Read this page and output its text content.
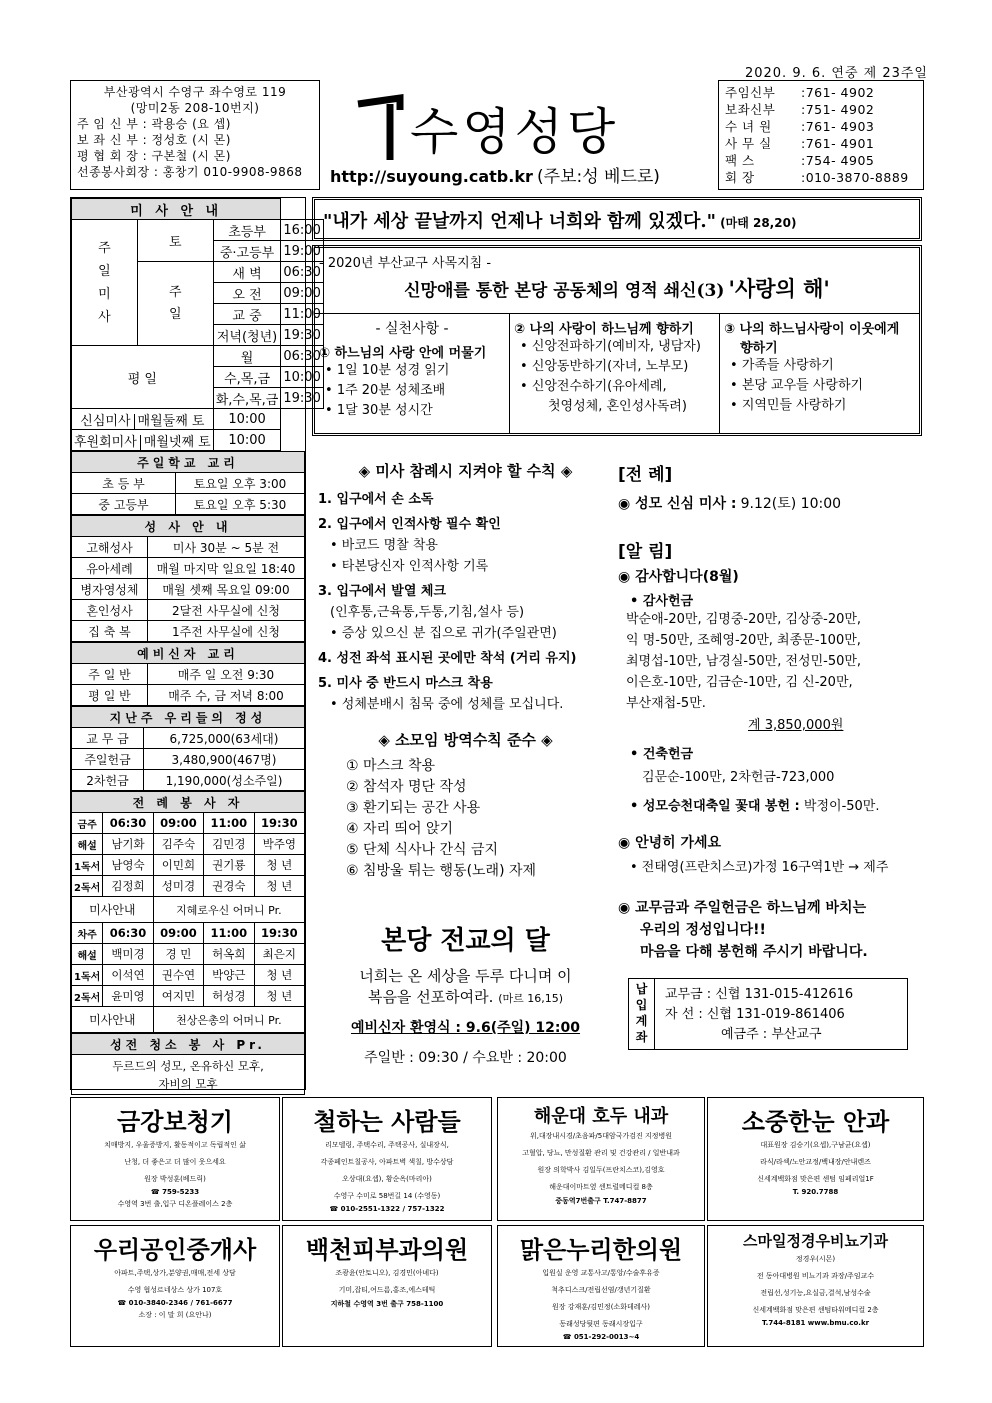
2020. 9. 6. 연중 제 23주일
부산광역시 수영구 좌수영로 119
(망미2동 208-10번지)
주 임 신 부 : 곽용승 (요 셉)
보 좌 신 부 : 정성호 (시 몬)
평 협 회 장 : 구본철 (시 몬)
선종봉사회장 : 홍창기 010-9908-9868
수영성당
http://suyoung.catb.kr (주보:성 베드로)
주임신부	: 761- 4902
보좌신부	: 751- 4902
수 녀 원	: 761- 4903
사 무 실	: 761- 4901
팩 스	: 754- 4905
회 장	: 010-3870-8889
미 사 안 내			
주
일
미
사	토	초등부	16:00
		중·고등부	19:00
	주
일	새 벽	06:30
		오 전	09:00
		교 중	11:00
		저녁(청년)	19:30
평 일		월	06:30
		수,목,금	10:00
		화,수,목,금	19:30
신심미사 매월둘째 토		10:00	
후원회미사 매월넷째 토		10:00	
주일학교 교리	
초 등 부	토요일 오후 3:00
중 고등부	토요일 오후 5:30
성 사 안 내	
고해성사	미사 30분 ~ 5분 전
유아세례	매월 마지막 일요일 18:40
병자영성체	매월 셋째 목요일 09:00
혼인성사	2달전 사무실에 신청
집 축 복	1주전 사무실에 신청
예비신자 교리	
주 일 반	매주 일 오전 9:30
평 일 반	매주 수, 금 저녁 8:00
지난주 우리들의 정성	
교 무 금	6,725,000(63세대)
주일헌금	3,480,900(467명)
2차헌금	1,190,000(성소주일)
전 례 봉 사 자				
금주	06:30	09:00	11:00	19:30
해설	남기화	김주숙	김민경	박주영
1독서	남영숙	이민희	권기룡	청 년
2독서	김정희	성미경	권경숙	청 년
미사안내		지혜로우신 어머니 Pr.		
차주	06:30	09:00	11:00	19:30
해설	백미경	경 민	허옥희	최은지
1독서	이석연	권수연	박양근	청 년
2독서	윤미영	여지민	허성경	청 년
미사안내		천상은총의 어머니 Pr.		
성전 청소 봉 사 Pr.

두르드의 성모, 온유하신 모후,
자비의 모후
"내가 세상 끝날까지 언제나 너희와 함께 있겠다." (마태 28,20)
- 2020년 부산교구 사목지침 -
신망애를 통한 본당 공동체의 영적 쇄신(3) '사랑의 해'
- 실천사항 -
① 하느님의 사랑 안에 머물기
• 1일 10분 성경 읽기
• 1주 20분 성체조배
• 1달 30분 성시간
② 나의 사랑이 하느님께 향하기
• 신앙전파하기(예비자, 냉담자)
• 신앙동반하기(자녀, 노부모)
• 신앙전수하기(유아세례,
첫영성체, 혼인성사독려)
③ 나의 하느님사랑이 이웃에게
향하기
• 가족들 사랑하기
• 본당 교우들 사랑하기
• 지역민들 사랑하기
◈ 미사 참례시 지켜야 할 수칙 ◈
1. 입구에서 손 소독
2. 입구에서 인적사항 필수 확인
• 바코드 명찰 착용
• 타본당신자 인적사항 기록
3. 입구에서 발열 체크
(인후통,근육통,두통,기침,설사 등)
• 증상 있으신 분 집으로 귀가(주일관면)
4. 성전 좌석 표시된 곳에만 착석 (거리 유지)
5. 미사 중 반드시 마스크 착용
• 성체분배시 침묵 중에 성체를 모십니다.
◈ 소모임 방역수칙 준수 ◈
① 마스크 착용
② 참석자 명단 작성
③ 환기되는 공간 사용
④ 자리 띄어 앉기
⑤ 단체 식사나 간식 금지
⑥ 침방울 튀는 행동(노래) 자제
본당 전교의 달
너희는 온 세상을 두루 다니며 이
복음을 선포하여라. (마르 16,15)
예비신자 환영식 : 9.6(주일) 12:00
주일반 : 09:30 / 수요반 : 20:00
[전 례]
◉ 성모 신심 미사 : 9.12(토) 10:00
[알 림]
◉ 감사합니다(8월)
• 감사헌금
박순애-20만, 김명중-20만, 김상중-20만,
익 명-50만, 조혜영-20만, 최종문-100만,
최명섭-10만, 남경실-50만, 전성민-50만,
이은호-10만, 김금순-10만, 김 신-20만,
부산재첩-5만.
계 3,850,000원
• 건축헌금
김문순-100만, 2차헌금-723,000
• 성모승천대축일 꽃대 봉헌 : 박정이-50만.
◉ 안녕히 가세요
• 전태영(프란치스코)가정 16구역1반 → 제주
◉ 교무금과 주일헌금은 하느님께 바치는
우리의 정성입니다!!
마음을 다해 봉헌해 주시기 바랍니다.
납
입
계
좌
교무금 : 신협 131-015-412616
자 선 : 신협 131-019-861406
예금주 : 부산교구
금강보청기
치매방지, 우울증방지, 활동적이고 독립적인 삶
난청, 더 좋은고 더 많이 웃으세요
원장 박성훈(베드릭)
☎ 759-5233
수영역 3번 출,입구 디온플레이스 2층
철하는 사람들
리모델링, 주택수리, 주택공사, 실내장식,
각종페인트칠공사, 아파트벽 색칠, 방수상담
오상대(요셉), 황순옥(마리아)
수영구 수미로 58번길 14 (수영동)
☎ 010-2551-1322 / 757-1322
해운대 호두 내과
위,대장내시경/초음파/5대암국가검진 지정병원
고혈압, 당뇨, 만성질환 관리 및 건강관리 / 일반내과
원장 의학박사 김일두(프란치스코),김영호
해운대이마트옆 센트럴메디컬 8층
중동역7번출구 T.747-8877
소중한눈 안과
대표원장 김승기(요셉),구남균(요셉)
라식/라섹/노안교정/백내장/안내렌즈
신세계백화점 맞은편 센텀 임페리얼1F
T. 920.7788
우리공인중개사
아파트,주택,상가,분양권,매매,전세 상담
수영 협성르네상스 상가 107호
☎ 010-3840-2346 / 761-6677
소장 : 이 말 희 (요안나)
백천피부과의원
조광윤(안토니오), 김경민(아녜다)
기미,잡티,여드름,홍조,에스테틱
지하철 수영역 3번 출구 758-1100
맑은누리한의원
입원실 운영 교통사고/통앙/수술후유증
척추디스크/전립선염/갱년기질환
원장 강재훈/김민정(소화데레사)
동래성당뒷편 동래시장입구
☎ 051-292-0013~4
스마일정경우비뇨기과
정경우(시몬)
전 동아대병원 비뇨기과 과장/주임교수
전립선,성기능,요실금,결석,남성수술
신세계백화점 맞은편 센텀타워메디컬 2층
T.744-8181 www.bmu.co.kr
